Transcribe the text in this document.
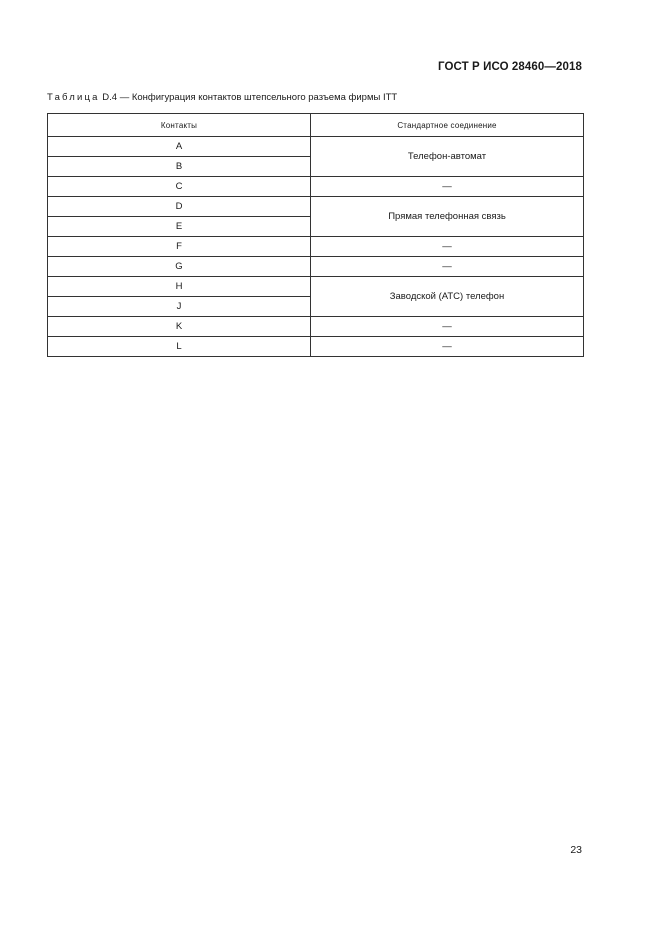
ГОСТ Р ИСО 28460—2018
Таблица D.4 — Конфигурация контактов штепсельного разъема фирмы ITT
Контакты	Стандартное соединение
A	Телефон-автомат
B	
C	—
D	Прямая телефонная связь
E	
F	—
G	—
H	Заводской (АТС) телефон
J	
K	—
L	—
23
